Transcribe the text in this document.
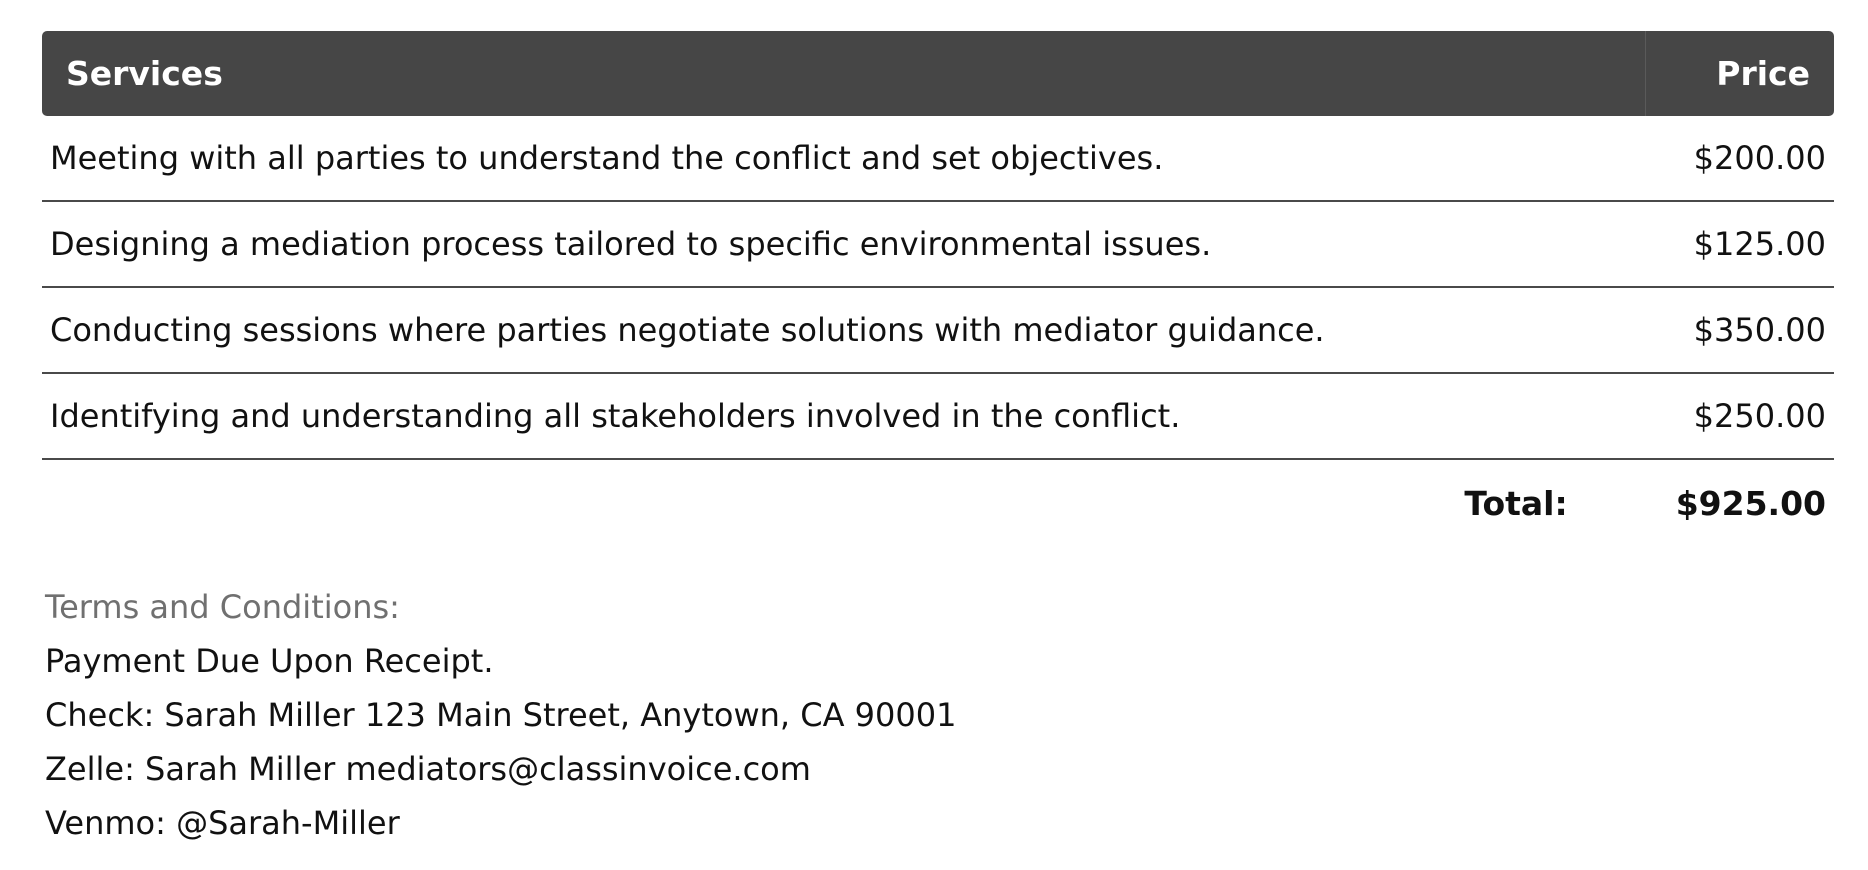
Services	Price
Meeting with all parties to understand the conflict and set objectives.	$200.00
Designing a mediation process tailored to specific environmental issues.	$125.00
Conducting sessions where parties negotiate solutions with mediator guidance.	$350.00
Identifying and understanding all stakeholders involved in the conflict.	$250.00
Total:	$925.00
Terms and Conditions:
Payment Due Upon Receipt.
Check: Sarah Miller 123 Main Street, Anytown, CA 90001
Zelle: Sarah Miller mediators@classinvoice.com
Venmo: @Sarah-Miller
